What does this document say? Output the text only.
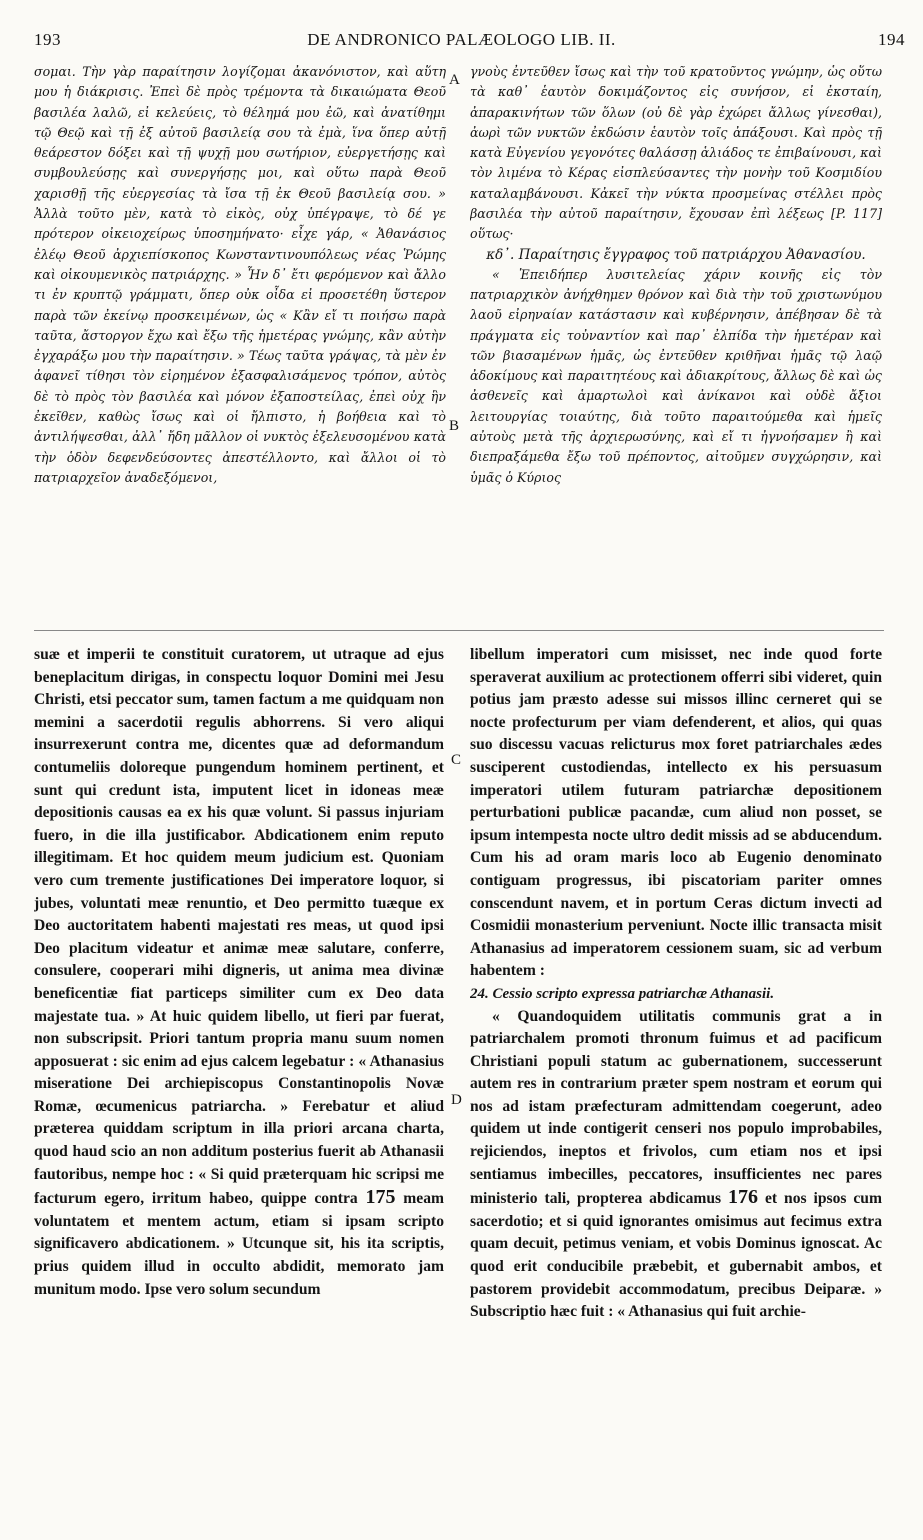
193	DE ANDRONICO PALÆOLOGO LIB. II.	194

σομαι. Τὴν γὰρ παραίτησιν λογίζομαι ἀκανόνιστον, καὶ αὕτη μου ἡ διάκρισις. Ἐπεὶ δὲ πρὸς τρέμοντα τὰ δικαιώματα Θεοῦ βασιλέα λαλῶ, εἰ κελεύεις, τὸ θέλημά μου ἐῶ, καὶ ἀνατίθημι τῷ Θεῷ καὶ τῇ ἐξ αὐτοῦ βασιλείᾳ σου τὰ ἐμὰ, ἵνα ὅπερ αὐτῇ θεάρεστον δόξει καὶ τῇ ψυχῇ μου σωτήριον, εὐεργετήσῃς καὶ συμβουλεύσῃς καὶ συνεργήσῃς μοι, καὶ οὕτω παρὰ Θεοῦ χαρισθῇ τῆς εὐεργεσίας τὰ ἴσα τῇ ἐκ Θεοῦ βασιλείᾳ σου. » Ἀλλὰ τοῦτο μὲν, κατὰ τὸ εἰκὸς, οὐχ ὑπέγραψε, τὸ δέ γε πρότερον οἰκειοχείρως ὑποσημήνατο· εἶχε γάρ, « Ἀθανάσιος ἐλέῳ Θεοῦ ἀρχιεπίσκοπος Κωνσταντινουπόλεως νέας Ῥώμης καὶ οἰκουμενικὸς πατριάρχης. » Ἦν δ᾽ ἔτι φερόμενον καὶ ἄλλο τι ἐν κρυπτῷ γράμματι, ὅπερ οὐκ οἶδα εἰ προσετέθη ὕστερον παρὰ τῶν ἐκείνῳ προσκειμένων, ὡς « Κἂν εἴ τι ποιήσω παρὰ ταῦτα, ἄστοργον ἔχω καὶ ἔξω τῆς ἡμετέρας γνώμης, κἂν αὐτὴν ἐγχαράξω μου τὴν παραίτησιν. » Τέως ταῦτα γράψας, τὰ μὲν ἐν ἀφανεῖ τίθησι τὸν εἰρημένον ἐξασφαλισάμενος τρόπον, αὐτὸς δὲ τὸ πρὸς τὸν βασιλέα καὶ μόνον ἐξαποστείλας, ἐπεὶ οὐχ ἣν ἐκεῖθεν, καθὼς ἴσως καὶ οἱ ἤλπιστο, ἡ βοήθεια καὶ τὸ ἀντιλήψεσθαι, ἀλλ᾽ ἤδη μᾶλλον οἱ νυκτὸς ἐξελευσομένου κατὰ τὴν ὁδὸν δεφενδεύσοντες ἀπεστέλλοντο, καὶ ἄλλοι οἱ τὸ πατριαρχεῖον ἀναδεξόμενοι,

γνοὺς ἐντεῦθεν ἴσως καὶ τὴν τοῦ κρατοῦντος γνώμην, ὡς οὕτω τὰ καθ᾽ ἑαυτὸν δοκιμάζοντος εἰς συνήσον, εἰ ἐκσταίη, ἀπαρακινήτων τῶν ὅλων (οὐ δὲ γὰρ ἐχώρει ἄλλως γίνεσθαι), ἀωρὶ τῶν νυκτῶν ἐκδώσιν ἑαυτὸν τοῖς ἀπάξουσι. Καὶ πρὸς τῇ κατὰ Εὐγενίου γεγονότες θαλάσσῃ ἁλιάδος τε ἐπιβαίνουσι, καὶ τὸν λιμένα τὸ Κέρας εἰσπλεύσαντες τὴν μονὴν τοῦ Κοσμιδίου καταλαμβάνουσι. Κἀκεῖ τὴν νύκτα προσμείνας στέλλει πρὸς βασιλέα τὴν αὐτοῦ παραίτησιν, ἔχουσαν ἐπὶ λέξεως [P. 117] οὕτως·

κδ᾽. Παραίτησις ἔγγραφος τοῦ πατριάρχου Ἀθανασίου.

« Ἐπειδήπερ λυσιτελείας χάριν κοινῆς εἰς τὸν πατριαρχικὸν ἀνήχθημεν θρόνον καὶ διὰ τὴν τοῦ χριστωνύμου λαοῦ εἰρηναίαν κατάστασιν καὶ κυβέρνησιν, ἀπέβησαν δὲ τὰ πράγματα εἰς τοὐναντίον καὶ παρ᾽ ἐλπίδα τὴν ἡμετέραν καὶ τῶν βιασαμένων ἡμᾶς, ὡς ἐντεῦθεν κριθῆναι ἡμᾶς τῷ λαῷ ἀδοκίμους καὶ παραιτητέους καὶ ἀδιακρίτους, ἄλλως δὲ καὶ ὡς ἀσθενεῖς καὶ ἁμαρτωλοὶ καὶ ἀνίκανοι καὶ οὐδὲ ἄξιοι λειτουργίας τοιαύτης, διὰ τοῦτο παραιτούμεθα καὶ ἡμεῖς αὐτοὺς μετὰ τῆς ἀρχιερωσύνης, καὶ εἴ τι ἠγνοήσαμεν ἢ καὶ διεπραξάμεθα ἔξω τοῦ πρέποντος, αἰτοῦμεν συγχώρησιν, καὶ ὑμᾶς ὁ Κύριος

suæ et imperii te constituit curatorem, ut utraque ad ejus beneplacitum dirigas, in conspectu loquor Domini mei Jesu Christi, etsi peccator sum, tamen factum a me quidquam non memini a sacerdotii regulis abhorrens. Si vero aliqui insurrexerunt contra me, dicentes quæ ad deformandum contumeliis doloreque pungendum hominem pertinent, et sunt qui credunt ista, imputent licet in idoneas meæ depositionis causas ea ex his quæ volunt. Si passus injuriam fuero, in die illa justificabor. Abdicationem enim reputo illegitimam. Et hoc quidem meum judicium est. Quoniam vero cum tremente justificationes Dei imperatore loquor, si jubes, voluntati meæ renuntio, et Deo permitto tuæque ex Deo auctoritatem habenti majestati res meas, ut quod ipsi Deo placitum videatur et animæ meæ salutare, conferre, consulere, cooperari mihi digneris, ut anima mea divinæ beneficentiæ fiat particeps similiter cum ex Deo data majestate tua. » At huic quidem libello, ut fieri par fuerat, non subscripsit. Priori tantum propria manu suum nomen apposuerat : sic enim ad ejus calcem legebatur : « Athanasius miseratione Dei archiepiscopus Constantinopolis Novæ Romæ, œcumenicus patriarcha. » Ferebatur et aliud præterea quiddam scriptum in illa priori arcana charta, quod haud scio an non additum posterius fuerit ab Athanasii fautoribus, nempe hoc : « Si quid præterquam hic scripsi me facturum egero, irritum habeo, quippe contra 175 meam voluntatem et mentem actum, etiam si ipsam scripto significavero abdicationem. » Utcunque sit, his ita scriptis, prius quidem illud in occulto abdidit, memorato jam munitum modo. Ipse vero solum secundum

libellum imperatori cum misisset, nec inde quod forte speraverat auxilium ac protectionem offerri sibi videret, quin potius jam præsto adesse sui missos illinc cerneret qui se nocte profecturum per viam defenderent, et alios, qui quas suo discessu vacuas relicturus mox foret patriarchales ædes susciperent custodiendas, intellecto ex his persuasum imperatori utilem futuram patriarchæ depositionem perturbationi publicæ pacandæ, cum aliud non posset, se ipsum intempesta nocte ultro dedit missis ad se abducendum. Cum his ad oram maris loco ab Eugenio denominato contiguam progressus, ibi piscatoriam pariter omnes conscendunt navem, et in portum Ceras dictum invecti ad Cosmidii monasterium perveniunt. Nocte illic transacta misit Athanasius ad imperatorem cessionem suam, sic ad verbum habentem :

24. Cessio scripto expressa patriarchæ Athanasii.

« Quandoquidem utilitatis communis grat a in patriarchalem promoti thronum fuimus et ad pacificum Christiani populi statum ac gubernationem, successerunt autem res in contrarium præter spem nostram et eorum qui nos ad istam præfecturam admittendam coegerunt, adeo quidem ut inde contigerit censeri nos populo improbabiles, rejiciendos, ineptos et frivolos, cum etiam nos et ipsi sentiamus imbecilles, peccatores, insufficientes nec pares ministerio tali, propterea abdicamus 176 et nos ipsos cum sacerdotio; et si quid ignorantes omisimus aut fecimus extra quam decuit, petimus veniam, et vobis Dominus ignoscat. Ac quod erit conducibile præbebit, et gubernabit ambos, et pastorem providebit accommodatum, precibus Deiparæ. » Subscriptio hæc fuit : « Athanasius qui fuit archie-

A
B
C
D
